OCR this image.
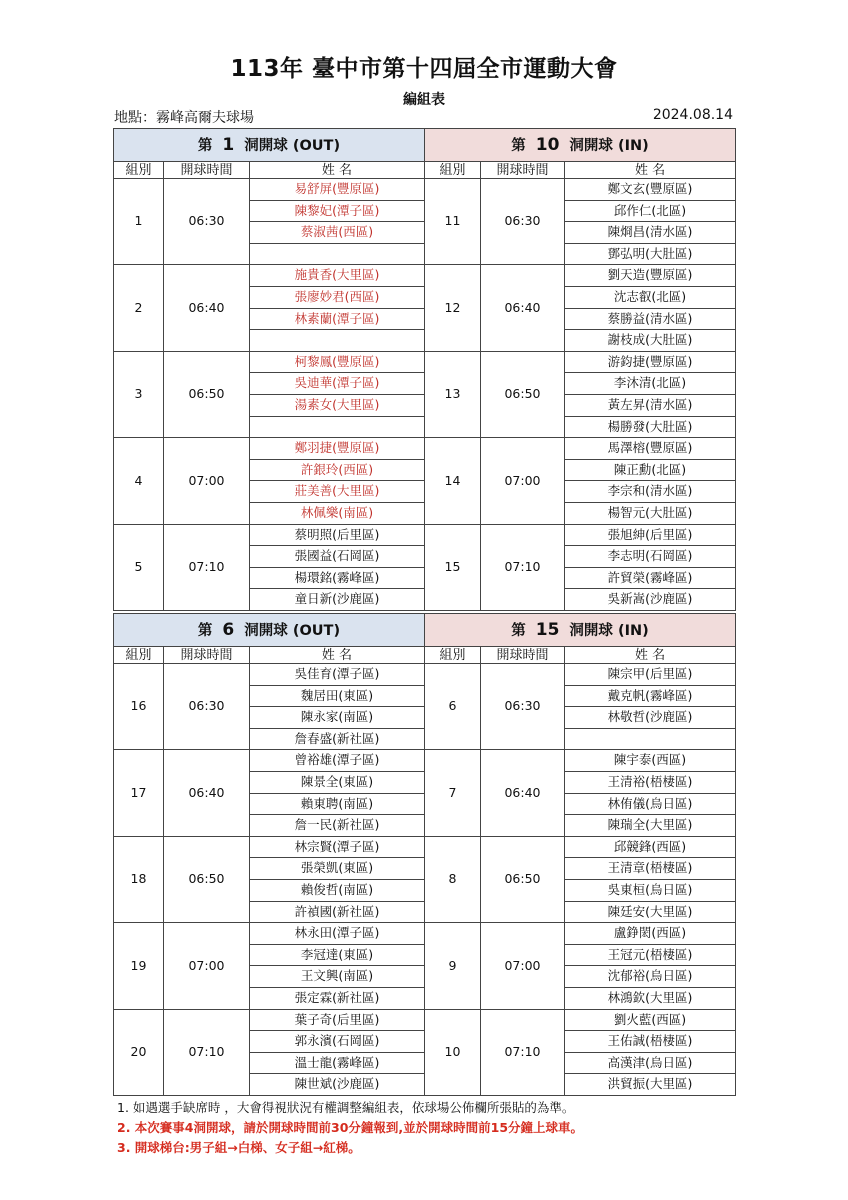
113年 臺中市第十四屆全市運動大會
編組表
地點：霧峰高爾夫球場	2024.08.14
第 1 洞開球 (OUT)			第 10 洞開球 (IN)		
組別	開球時間	姓 名	組別	開球時間	姓 名
1	06:30	易舒屏(豐原區)	11	06:30	鄭文玄(豐原區)
		陳黎妃(潭子區)			邱作仁(北區)
		蔡淑茜(西區)			陳烱昌(清水區)
					鄧弘明(大肚區)
2	06:40	施貴香(大里區)	12	06:40	劉天造(豐原區)
		張廖妙君(西區)			沈志叡(北區)
		林素蘭(潭子區)			蔡勝益(清水區)
					謝枝成(大肚區)
3	06:50	柯黎鳳(豐原區)	13	06:50	游鈞捷(豐原區)
		吳迪華(潭子區)			李沐清(北區)
		湯素女(大里區)			黃左昇(清水區)
					楊勝發(大肚區)
4	07:00	鄭羽捷(豐原區)	14	07:00	馬澤榕(豐原區)
		許銀玲(西區)			陳正勳(北區)
		莊美善(大里區)			李宗和(清水區)
		林佩樂(南區)			楊智元(大肚區)
5	07:10	蔡明照(后里區)	15	07:10	張旭紳(后里區)
		張國益(石岡區)			李志明(石岡區)
		楊環銘(霧峰區)			許貿榮(霧峰區)
		童日新(沙鹿區)			吳新嵩(沙鹿區)
第 6 洞開球 (OUT)			第 15 洞開球 (IN)		
組別	開球時間	姓 名	組別	開球時間	姓 名
16	06:30	吳佳育(潭子區)	6	06:30	陳宗甲(后里區)
		魏居田(東區)			戴克帆(霧峰區)
		陳永家(南區)			林敬哲(沙鹿區)
		詹春盛(新社區)			
17	06:40	曾裕雄(潭子區)	7	06:40	陳宇泰(西區)
		陳景全(東區)			王清裕(梧棲區)
		賴東聘(南區)			林侑儀(烏日區)
		詹一民(新社區)			陳瑞全(大里區)
18	06:50	林宗賢(潭子區)	8	06:50	邱競鋒(西區)
		張榮凱(東區)			王清章(梧棲區)
		賴俊哲(南區)			吳東桓(烏日區)
		許禎國(新社區)			陳廷安(大里區)
19	07:00	林永田(潭子區)	9	07:00	盧錚閎(西區)
		李冠達(東區)			王冠元(梧棲區)
		王文興(南區)			沈郁裕(烏日區)
		張定霖(新社區)			林鴻欽(大里區)
20	07:10	葉子奇(后里區)	10	07:10	劉火藍(西區)
		郭永濱(石岡區)			王佑誠(梧棲區)
		溫士龍(霧峰區)			高漢津(烏日區)
		陳世斌(沙鹿區)			洪貿振(大里區)
1. 如遇選手缺席時 ，大會得視狀況有權調整編組表，依球場公佈欄所張貼的為準。
2. 本次賽事4洞開球，請於開球時間前30分鐘報到,並於開球時間前15分鐘上球車。
3. 開球梯台:男子組→白梯、女子組→紅梯。
